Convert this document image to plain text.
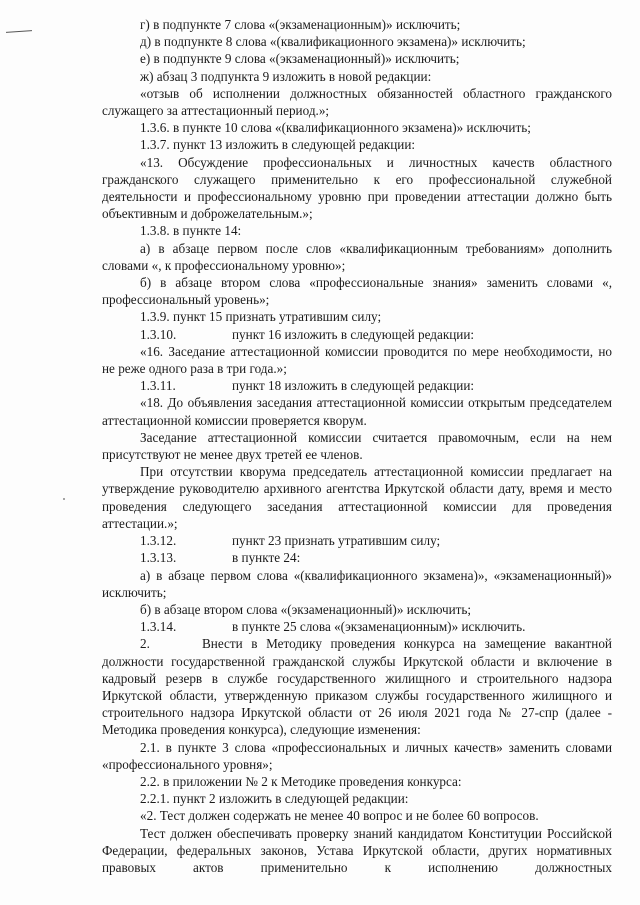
г) в подпункте 7 слова «(экзаменационным)» исключить;

д) в подпункте 8 слова «(квалификационного экзамена)» исключить;

е) в подпункте 9 слова «(экзаменационный)» исключить;

ж) абзац 3 подпункта 9 изложить в новой редакции:

«отзыв об исполнении должностных обязанностей областного гражданского служащего за аттестационный период.»;

1.3.6. в пункте 10 слова «(квалификационного экзамена)» исключить;

1.3.7. пункт 13 изложить в следующей редакции:

«13. Обсуждение профессиональных и личностных качеств областного гражданского служащего применительно к его профессиональной служебной деятельности и профессиональному уровню при проведении аттестации должно быть объективным и доброжелательным.»;

1.3.8. в пункте 14:

а) в абзаце первом после слов «квалификационным требованиям» дополнить словами «, к профессиональному уровню»;

б) в абзаце втором слова «профессиональные знания» заменить словами «, профессиональный уровень»;

1.3.9. пункт 15 признать утратившим силу;

1.3.10.	пункт 16 изложить в следующей редакции:

«16. Заседание аттестационной комиссии проводится по мере необходимости, но не реже одного раза в три года.»;

1.3.11.	пункт 18 изложить в следующей редакции:

«18. До объявления заседания аттестационной комиссии открытым председателем аттестационной комиссии проверяется кворум.

Заседание аттестационной комиссии считается правомочным, если на нем присутствуют не менее двух третей ее членов.

При отсутствии кворума председатель аттестационной комиссии предлагает на утверждение руководителю архивного агентства Иркутской области дату, время и место проведения следующего заседания аттестационной комиссии для проведения аттестации.»;

1.3.12.	пункт 23 признать утратившим силу;

1.3.13.	в пункте 24:

а) в абзаце первом слова «(квалификационного экзамена)», «экзаменационный)» исключить;

б) в абзаце втором слова «(экзаменационный)» исключить;

1.3.14.	в пункте 25 слова «(экзаменационным)» исключить.

2.	Внести в Методику проведения конкурса на замещение вакантной должности государственной гражданской службы Иркутской области и включение в кадровый резерв в службе государственного жилищного и строительного надзора Иркутской области, утвержденную приказом службы государственного жилищного и строительного надзора Иркутской области от 26 июля 2021 года № 27-спр (далее - Методика проведения конкурса), следующие изменения:

2.1. в пункте 3 слова «профессиональных и личных качеств» заменить словами «профессионального уровня»;

2.2. в приложении № 2 к Методике проведения конкурса:

2.2.1. пункт 2 изложить в следующей редакции:

«2. Тест должен содержать не менее 40 вопрос и не более 60 вопросов.

Тест должен обеспечивать проверку знаний кандидатом Конституции Российской Федерации, федеральных законов, Устава Иркутской области, других нормативных правовых актов применительно к исполнению должностных
